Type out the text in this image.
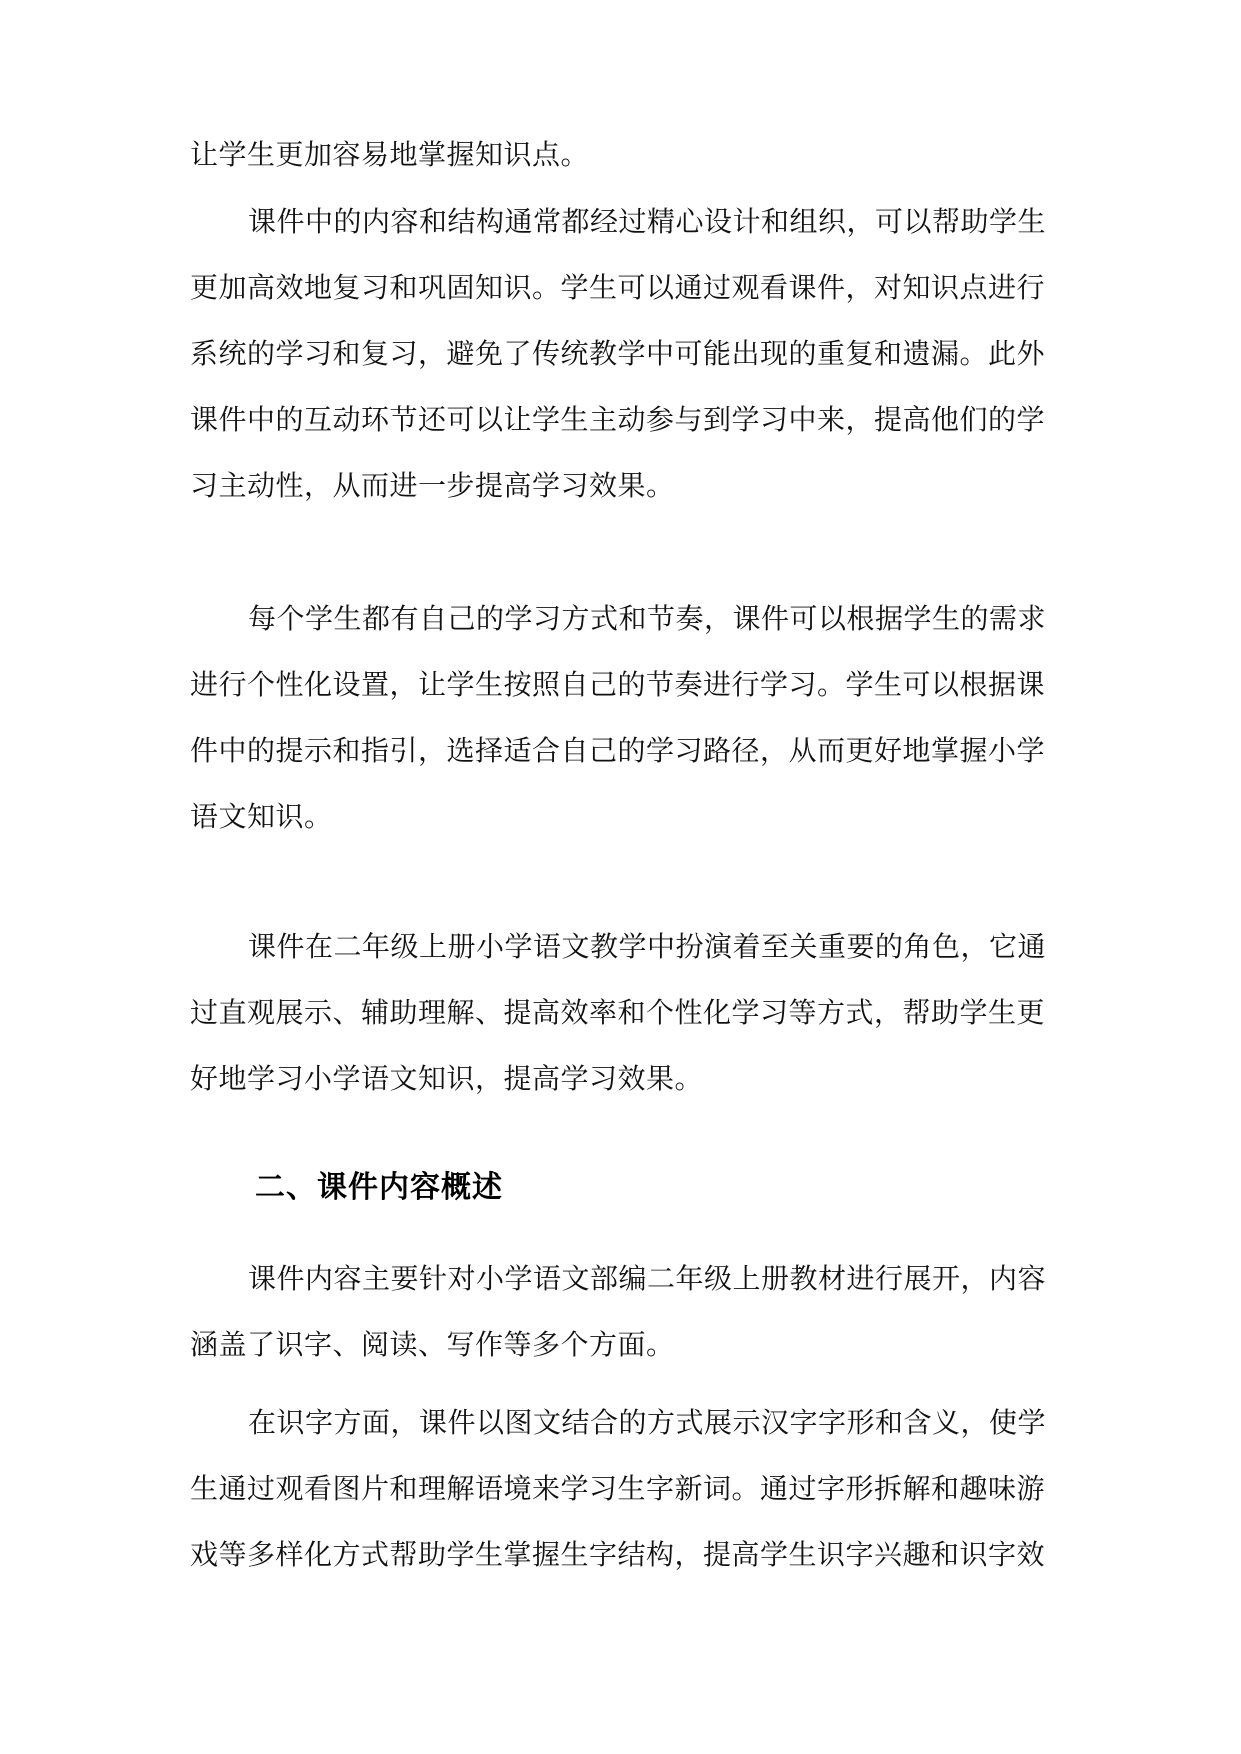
让学生更加容易地掌握知识点。
课件中的内容和结构通常都经过精心设计和组织，可以帮助学生
更加高效地复习和巩固知识。学生可以通过观看课件，对知识点进行
系统的学习和复习，避免了传统教学中可能出现的重复和遗漏。此外
课件中的互动环节还可以让学生主动参与到学习中来，提高他们的学
习主动性，从而进一步提高学习效果。
每个学生都有自己的学习方式和节奏，课件可以根据学生的需求
进行个性化设置，让学生按照自己的节奏进行学习。学生可以根据课
件中的提示和指引，选择适合自己的学习路径，从而更好地掌握小学
语文知识。
课件在二年级上册小学语文教学中扮演着至关重要的角色，它通
过直观展示、辅助理解、提高效率和个性化学习等方式，帮助学生更
好地学习小学语文知识，提高学习效果。
二、课件内容概述
课件内容主要针对小学语文部编二年级上册教材进行展开，内容
涵盖了识字、阅读、写作等多个方面。
在识字方面，课件以图文结合的方式展示汉字字形和含义，使学
生通过观看图片和理解语境来学习生字新词。通过字形拆解和趣味游
戏等多样化方式帮助学生掌握生字结构，提高学生识字兴趣和识字效
